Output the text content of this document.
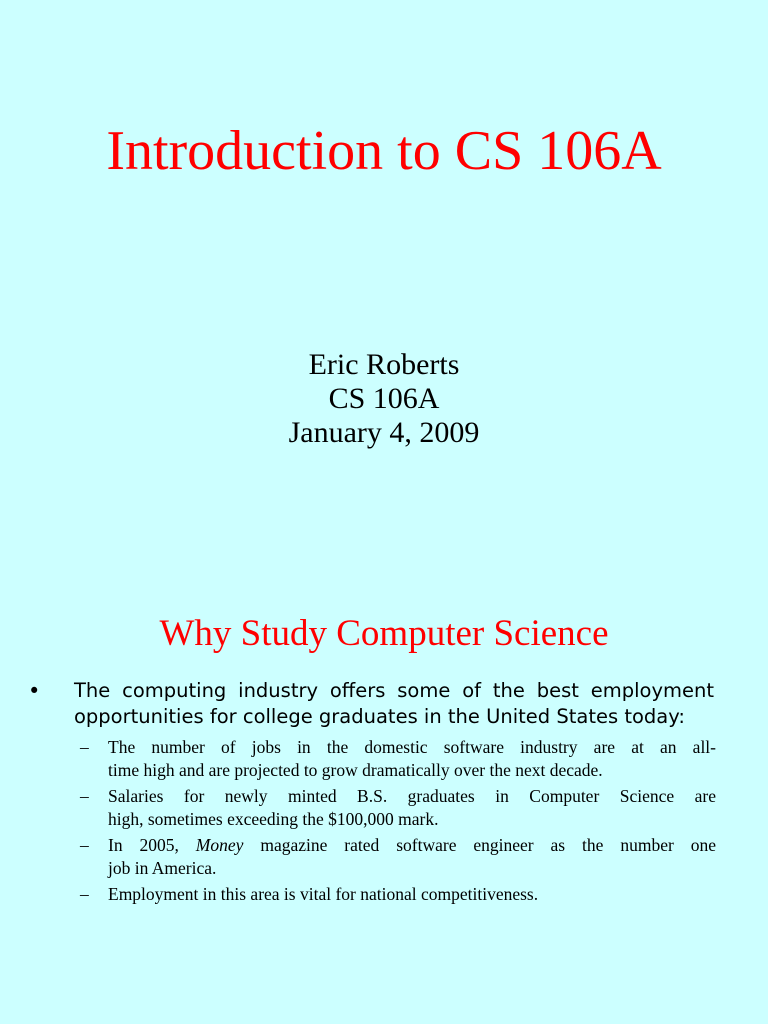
Introduction to CS 106A
Eric Roberts
CS 106A
January 4, 2009
Why Study Computer Science
• The computing industry offers some of the best employment
opportunities for college graduates in the United States today:
– The number of jobs in the domestic software industry are at an all-
time high and are projected to grow dramatically over the next decade.
– Salaries for newly minted B.S. graduates in Computer Science are
high, sometimes exceeding the $100,000 mark.
– In 2005, Money magazine rated software engineer as the number one
job in America.
– Employment in this area is vital for national competitiveness.
